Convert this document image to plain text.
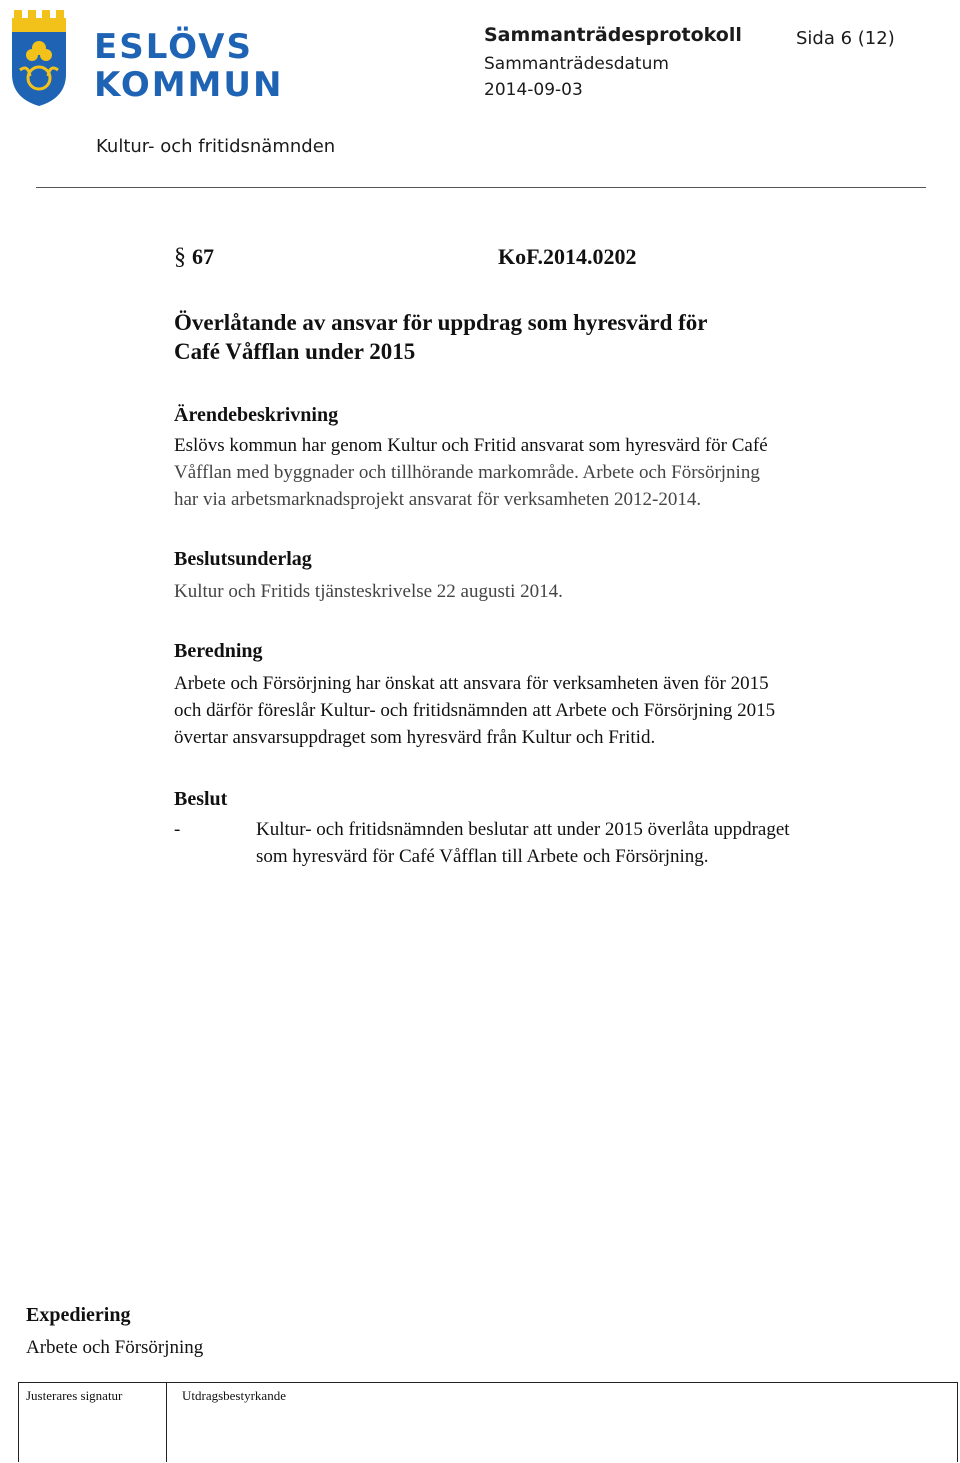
ESLÖVS
KOMMUN
Sammanträdesprotokoll	Sida 6 (12)
Sammanträdesdatum
2014-09-03
Kultur- och fritidsnämnden
§ 67	KoF.2014.0202
Överlåtande av ansvar för uppdrag som hyresvärd för
Café Våfflan under 2015
Ärendebeskrivning
Eslövs kommun har genom Kultur och Fritid ansvarat som hyresvärd för Café
Våfflan med byggnader och tillhörande markområde. Arbete och Försörjning
har via arbetsmarknadsprojekt ansvarat för verksamheten 2012-2014.
Beslutsunderlag
Kultur och Fritids tjänsteskrivelse 22 augusti 2014.
Beredning
Arbete och Försörjning har önskat att ansvara för verksamheten även för 2015
och därför föreslår Kultur- och fritidsnämnden att Arbete och Försörjning 2015
övertar ansvarsuppdraget som hyresvärd från Kultur och Fritid.
Beslut
-	Kultur- och fritidsnämnden beslutar att under 2015 överlåta uppdraget
som hyresvärd för Café Våfflan till Arbete och Försörjning.
Expediering
Arbete och Försörjning
Justerares signatur	Utdragsbestyrkande
